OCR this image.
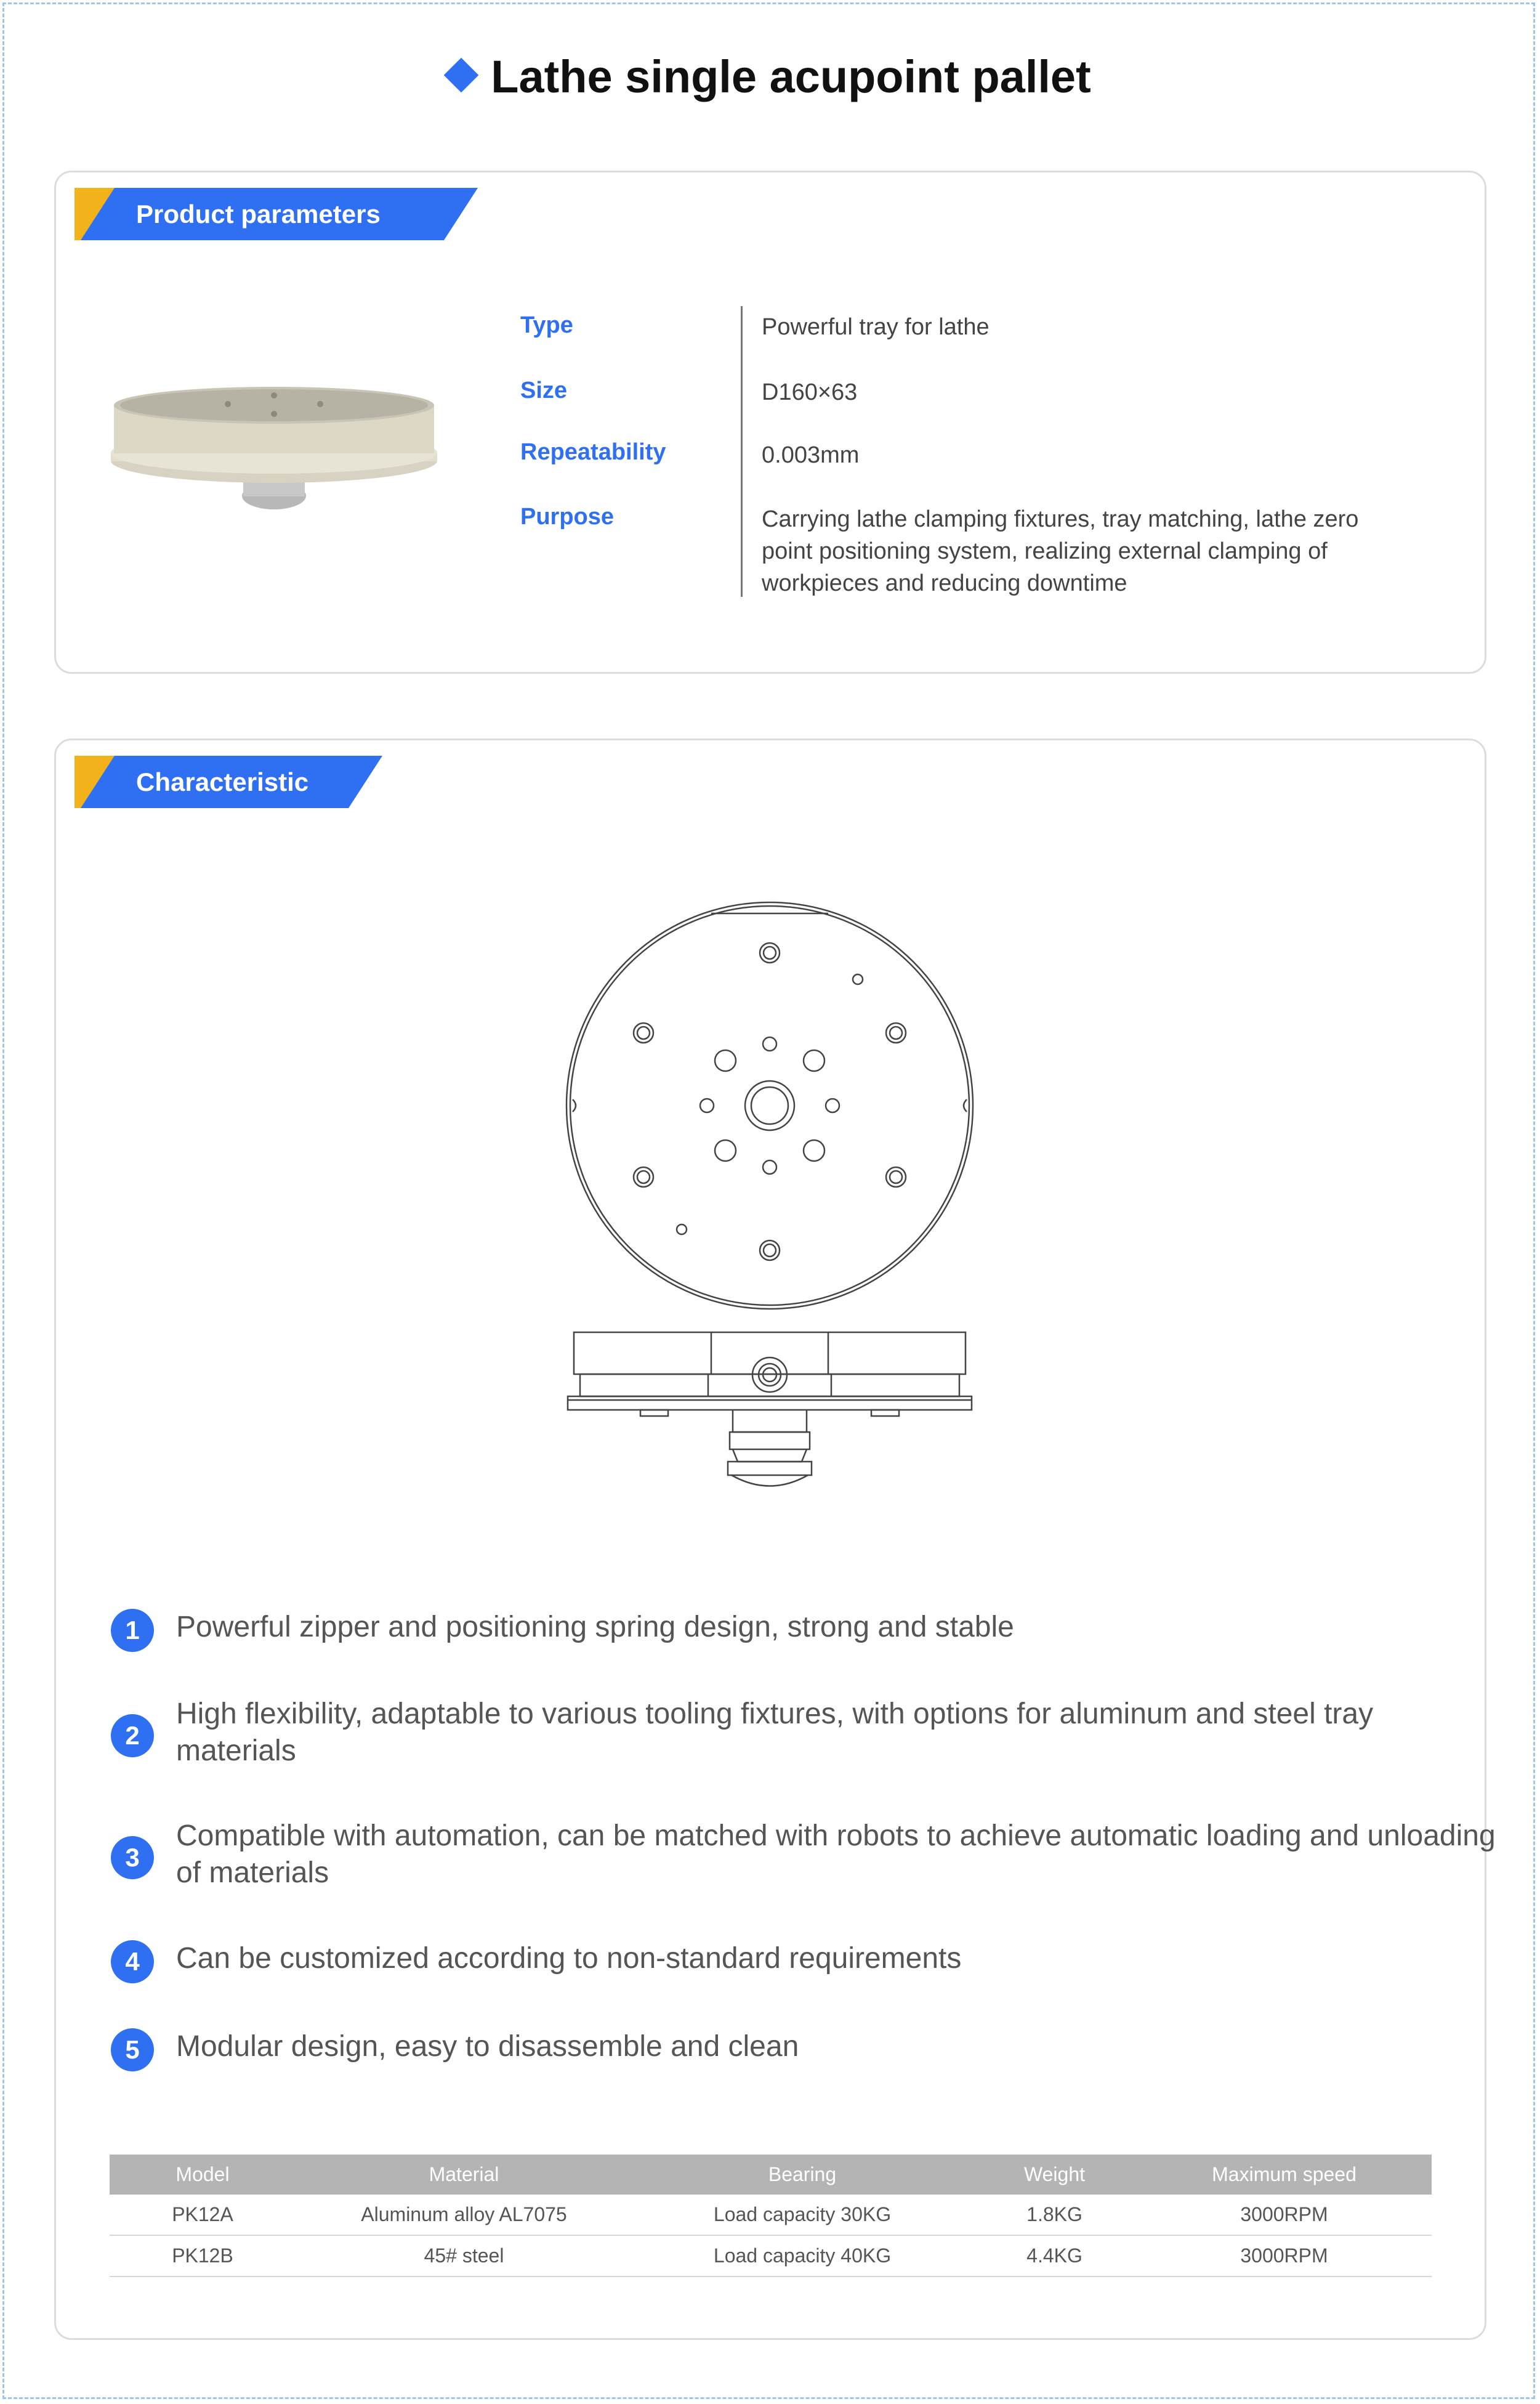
Lathe single acupoint pallet
Product parameters
Type	Powerful tray for lathe
Size	D160×63
Repeatability	0.003mm
Purpose	Carrying lathe clamping fixtures, tray matching, lathe zero point positioning system, realizing external clamping of workpieces and reducing downtime
Characteristic
1	Powerful zipper and positioning spring design, strong and stable
2
High flexibility, adaptable to various tooling fixtures, with options for aluminum and steel tray materials
3
Compatible with automation, can be matched with robots to achieve automatic loading and unloading of materials
4	Can be customized according to non-standard requirements
5	Modular design, easy to disassemble and clean
Model	Material	Bearing	Weight	Maximum speed
PK12A	Aluminum alloy AL7075	Load capacity 30KG	1.8KG	3000RPM
PK12B	45# steel	Load capacity 40KG	4.4KG	3000RPM
